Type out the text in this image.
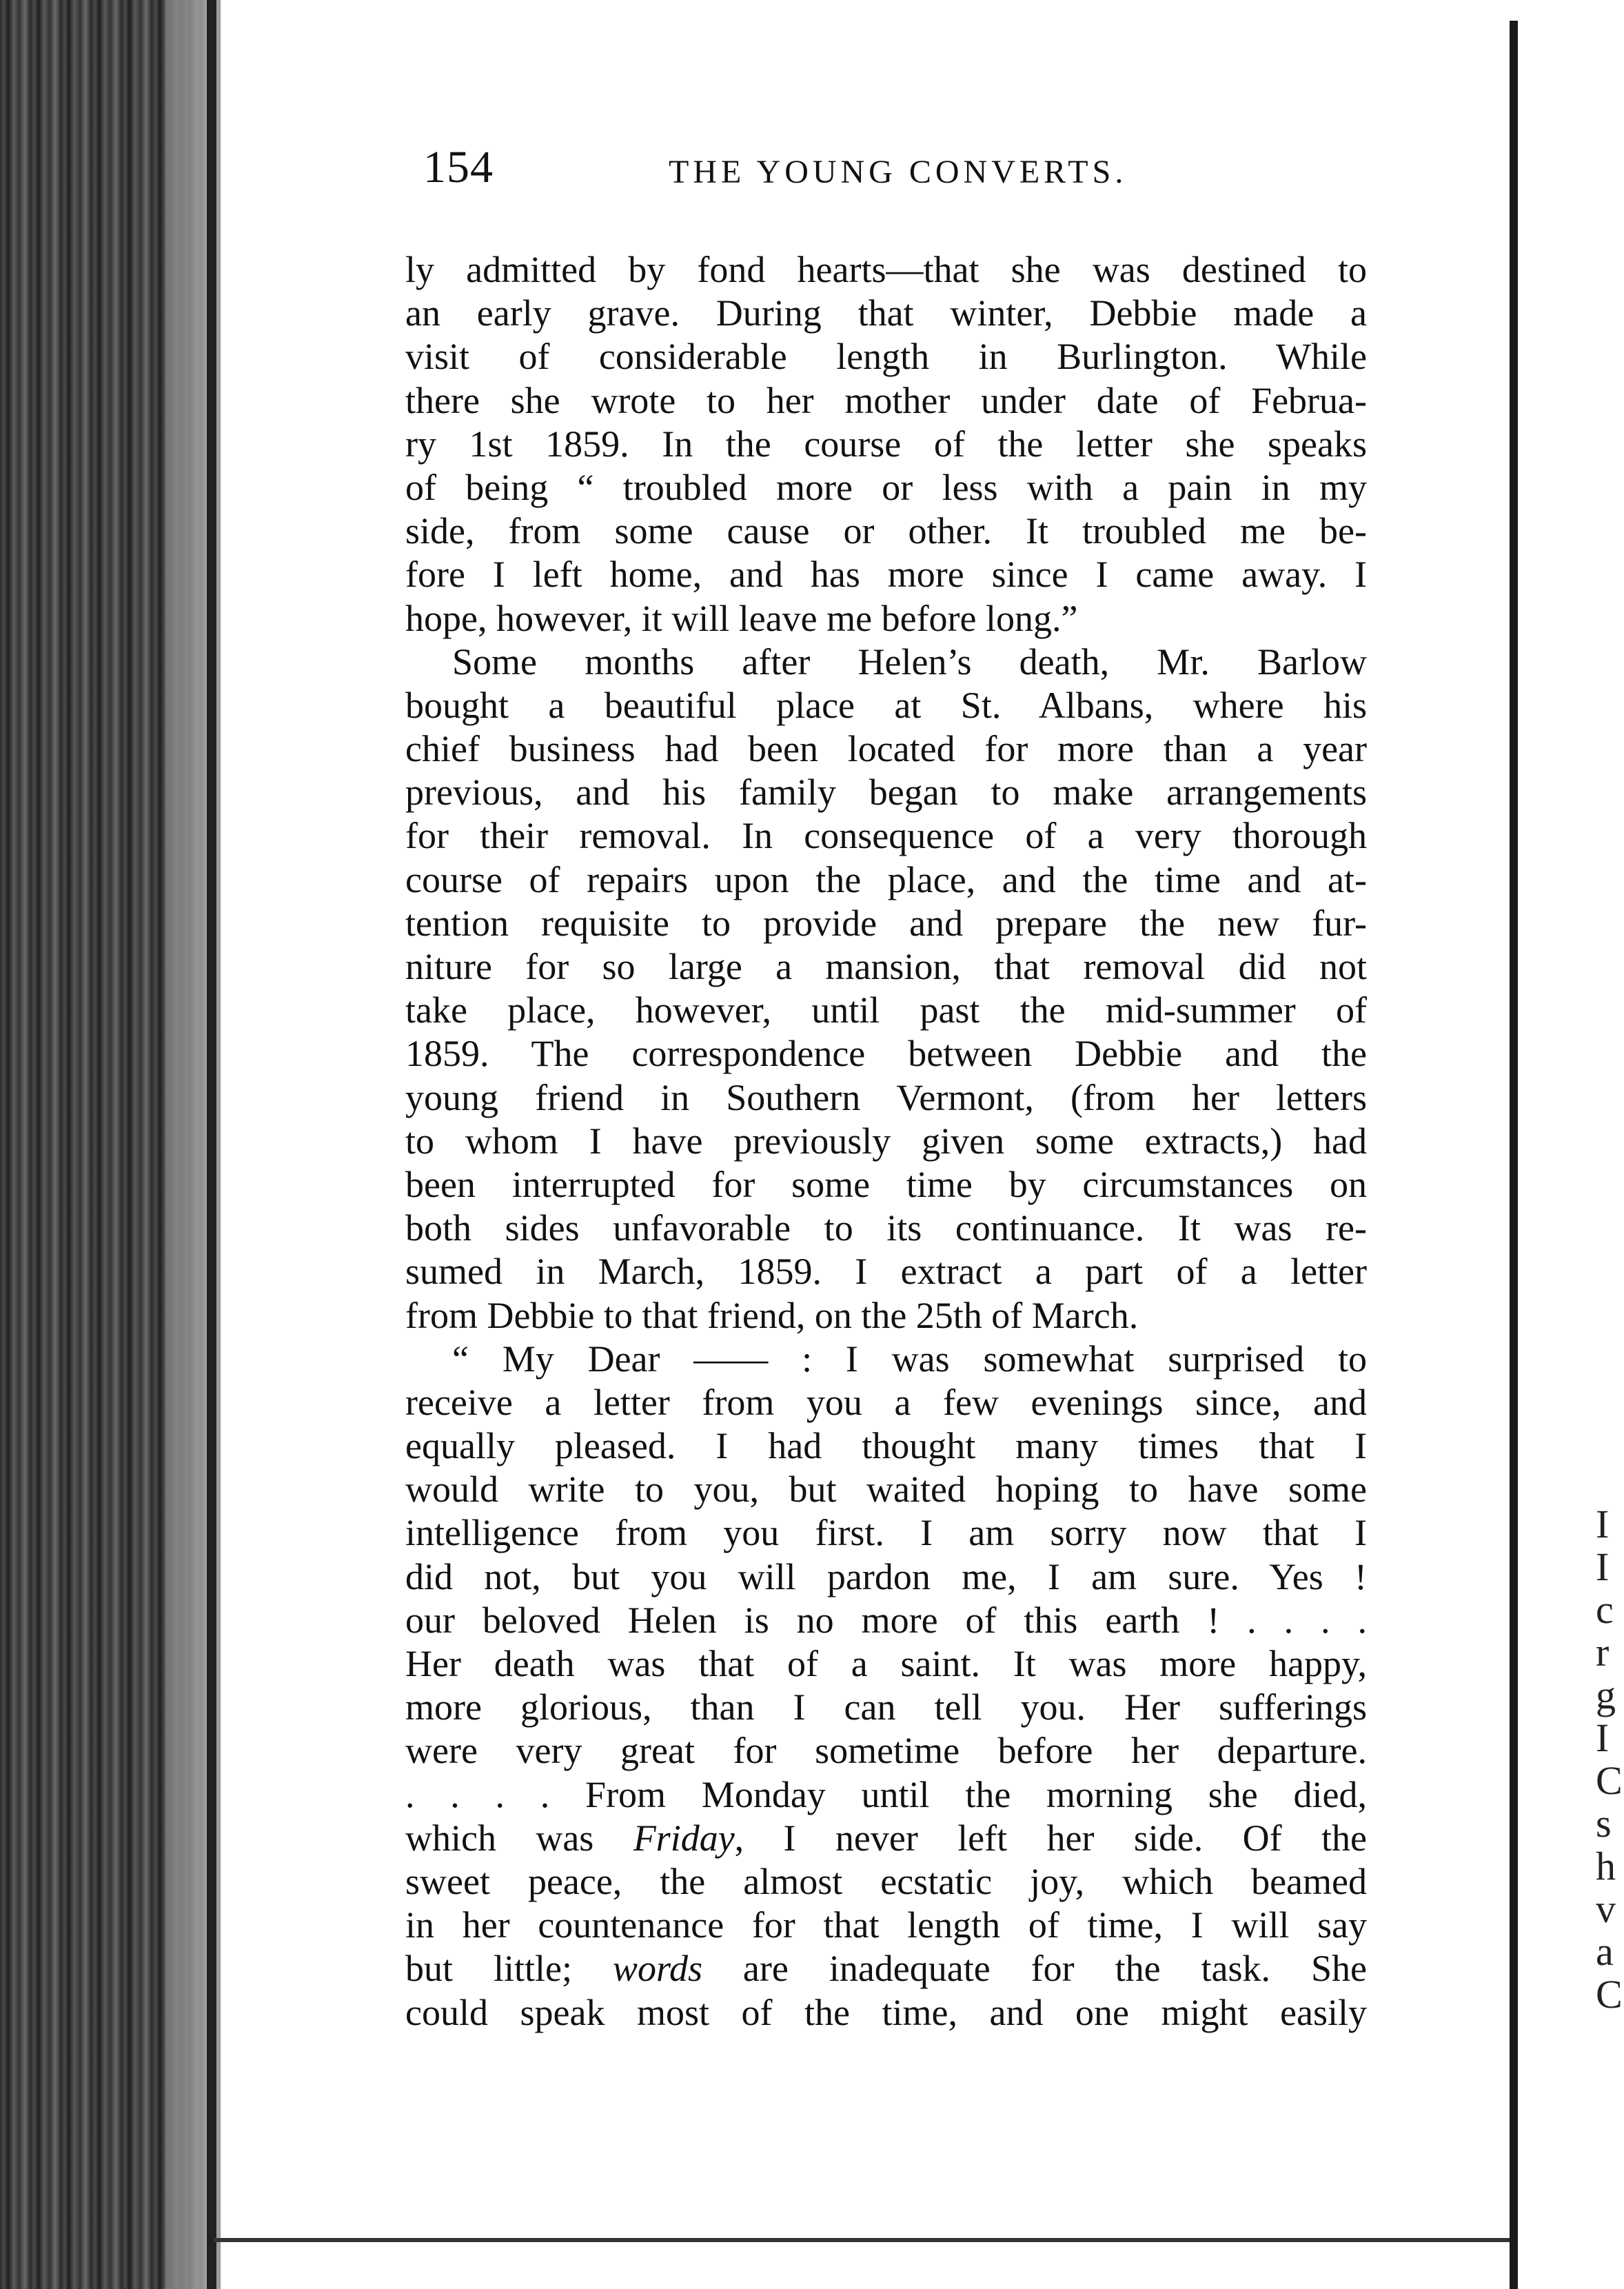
I
I
c
r
g
I
C
s
h
v
a
C
154	THE YOUNG CONVERTS.
ly admitted by fond hearts—that she was destined to
an early grave. During that winter, Debbie made a
visit of considerable length in Burlington. While
there she wrote to her mother under date of Februa-
ry 1st 1859. In the course of the letter she speaks
of being “ troubled more or less with a pain in my
side, from some cause or other. It troubled me be-
fore I left home, and has more since I came away. I
hope, however, it will leave me before long.”
Some months after Helen’s death, Mr. Barlow
bought a beautiful place at St. Albans, where his
chief business had been located for more than a year
previous, and his family began to make arrangements
for their removal. In consequence of a very thorough
course of repairs upon the place, and the time and at-
tention requisite to provide and prepare the new fur-
niture for so large a mansion, that removal did not
take place, however, until past the mid-summer of
1859. The correspondence between Debbie and the
young friend in Southern Vermont, (from her letters
to whom I have previously given some extracts,) had
been interrupted for some time by circumstances on
both sides unfavorable to its continuance. It was re-
sumed in March, 1859. I extract a part of a letter
from Debbie to that friend, on the 25th of March.
“ My Dear —— : I was somewhat surprised to
receive a letter from you a few evenings since, and
equally pleased. I had thought many times that I
would write to you, but waited hoping to have some
intelligence from you first. I am sorry now that I
did not, but you will pardon me, I am sure. Yes !
our beloved Helen is no more of this earth ! . . . .
Her death was that of a saint. It was more happy,
more glorious, than I can tell you. Her sufferings
were very great for sometime before her departure.
. . . . From Monday until the morning she died,
which was Friday, I never left her side. Of the
sweet peace, the almost ecstatic joy, which beamed
in her countenance for that length of time, I will say
but little; words are inadequate for the task. She
could speak most of the time, and one might easily
